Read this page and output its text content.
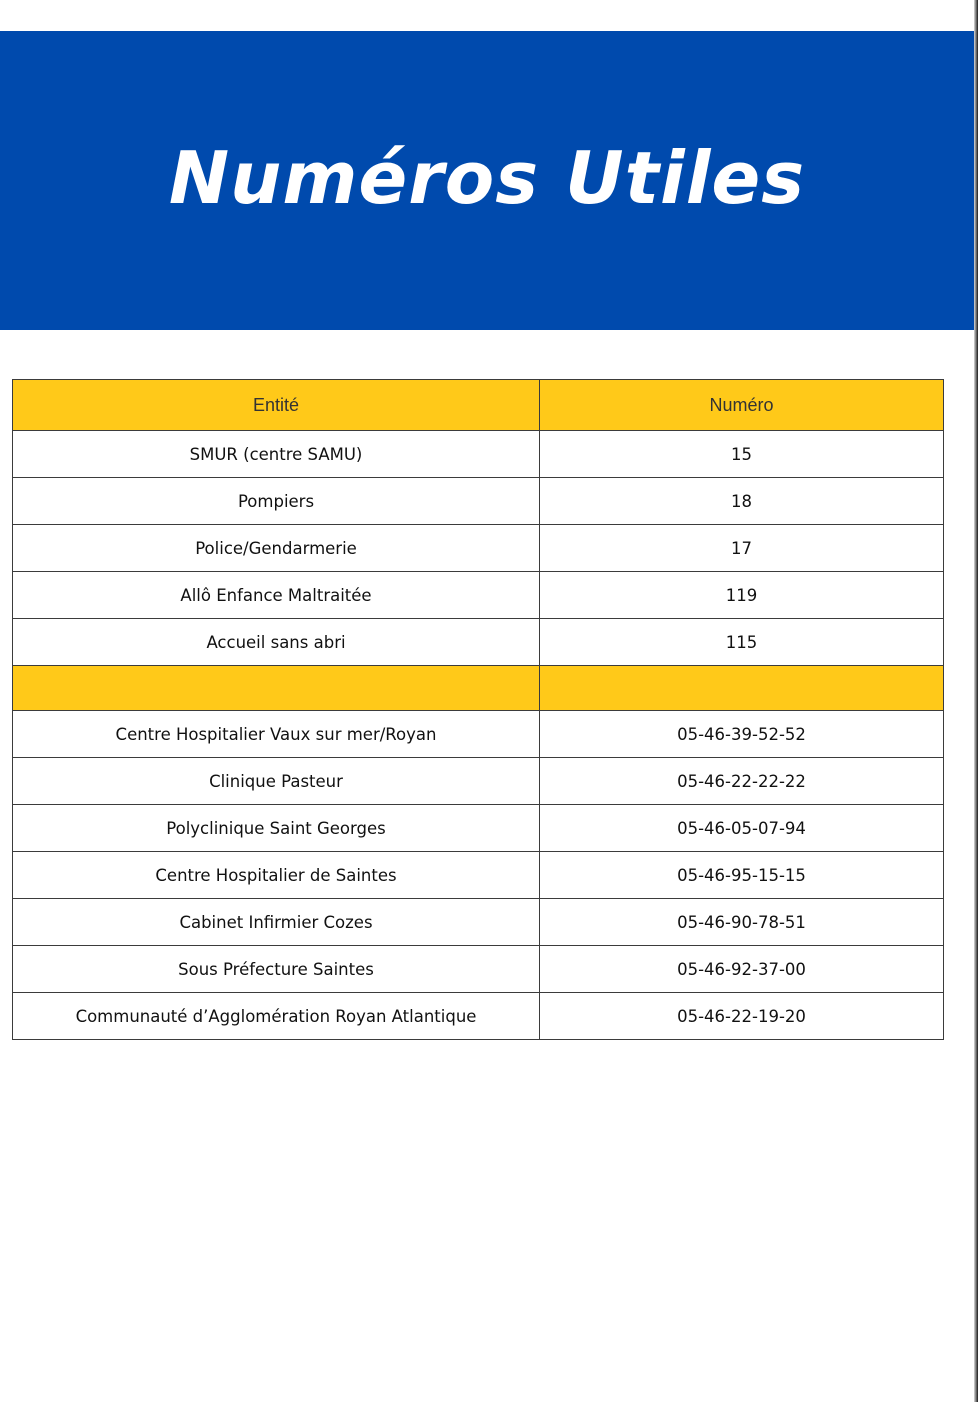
Numéros Utiles
Entité	Numéro
SMUR (centre SAMU)	15
Pompiers	18
Police/Gendarmerie	17
Allô Enfance Maltraitée	119
Accueil sans abri	115

Centre Hospitalier Vaux sur mer/Royan	05-46-39-52-52
Clinique Pasteur	05-46-22-22-22
Polyclinique Saint Georges	05-46-05-07-94
Centre Hospitalier de Saintes	05-46-95-15-15
Cabinet Infirmier Cozes	05-46-90-78-51
Sous Préfecture Saintes	05-46-92-37-00
Communauté d’Agglomération Royan Atlantique	05-46-22-19-20
